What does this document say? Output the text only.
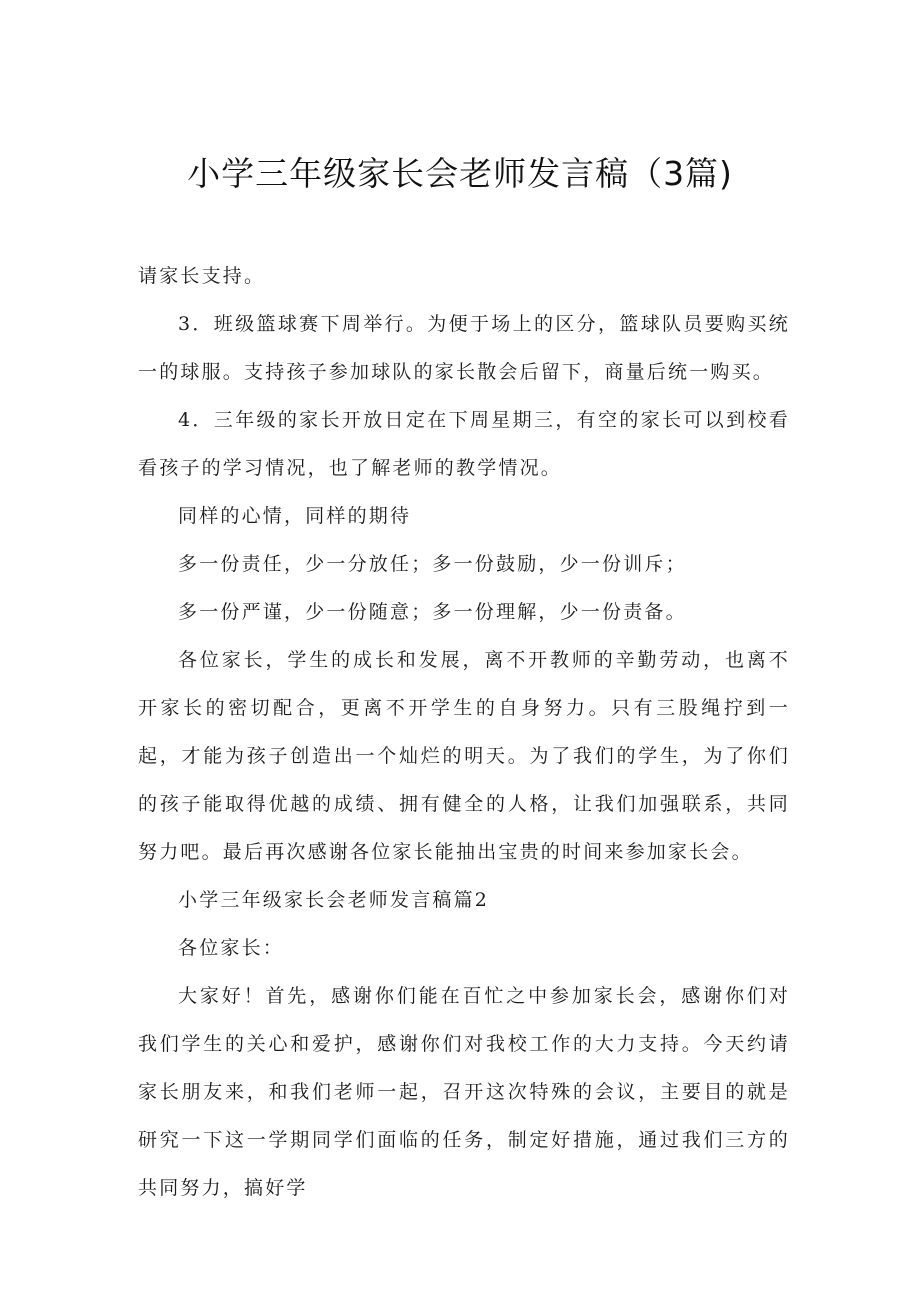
小学三年级家长会老师发言稿（3篇)

请家长支持。

3．班级篮球赛下周举行。为便于场上的区分，篮球队员要购买统一的球服。支持孩子参加球队的家长散会后留下，商量后统一购买。

4．三年级的家长开放日定在下周星期三，有空的家长可以到校看看孩子的学习情况，也了解老师的教学情况。

同样的心情，同样的期待

多一份责任，少一分放任；多一份鼓励，少一份训斥；

多一份严谨，少一份随意；多一份理解，少一份责备。

各位家长，学生的成长和发展，离不开教师的辛勤劳动，也离不开家长的密切配合，更离不开学生的自身努力。只有三股绳拧到一起，才能为孩子创造出一个灿烂的明天。为了我们的学生，为了你们的孩子能取得优越的成绩、拥有健全的人格，让我们加强联系，共同努力吧。最后再次感谢各位家长能抽出宝贵的时间来参加家长会。

小学三年级家长会老师发言稿篇2

各位家长：

大家好！首先，感谢你们能在百忙之中参加家长会，感谢你们对我们学生的关心和爱护，感谢你们对我校工作的大力支持。今天约请家长朋友来，和我们老师一起，召开这次特殊的会议，主要目的就是研究一下这一学期同学们面临的任务，制定好措施，通过我们三方的共同努力，搞好学
